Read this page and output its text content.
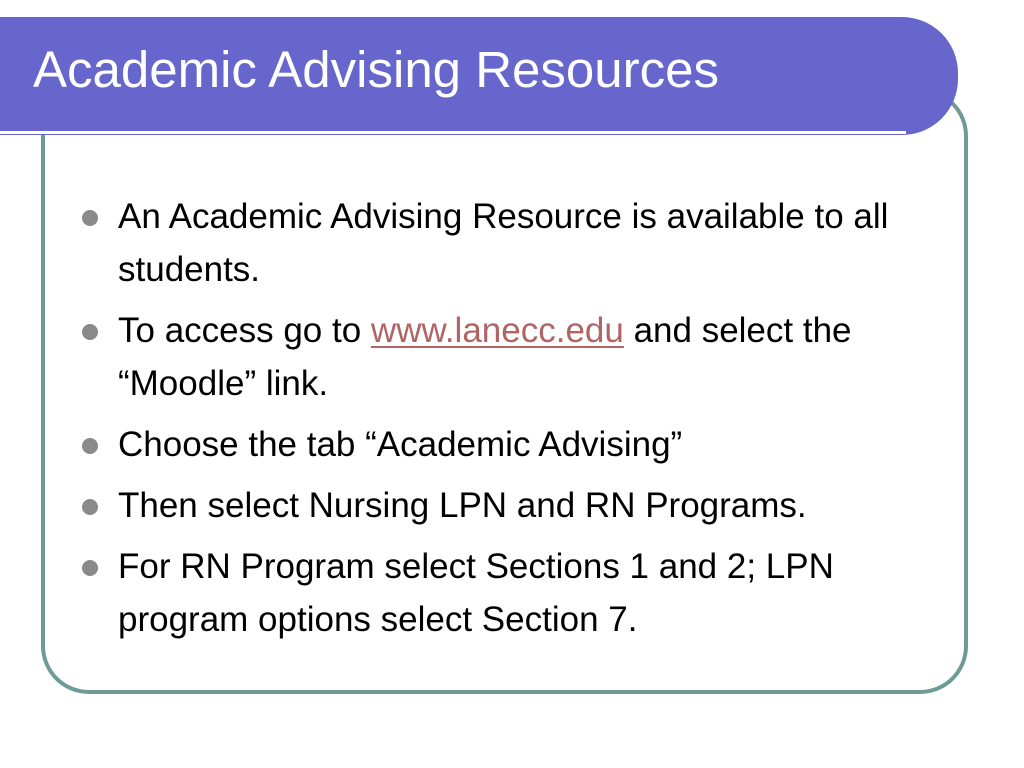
Academic Advising Resources
An Academic Advising Resource is available to all students.
To access go to www.lanecc.edu and select the “Moodle” link.
Choose the tab “Academic Advising”
Then select Nursing LPN and RN Programs.
For RN Program select Sections 1 and 2; LPN program options select Section 7.
